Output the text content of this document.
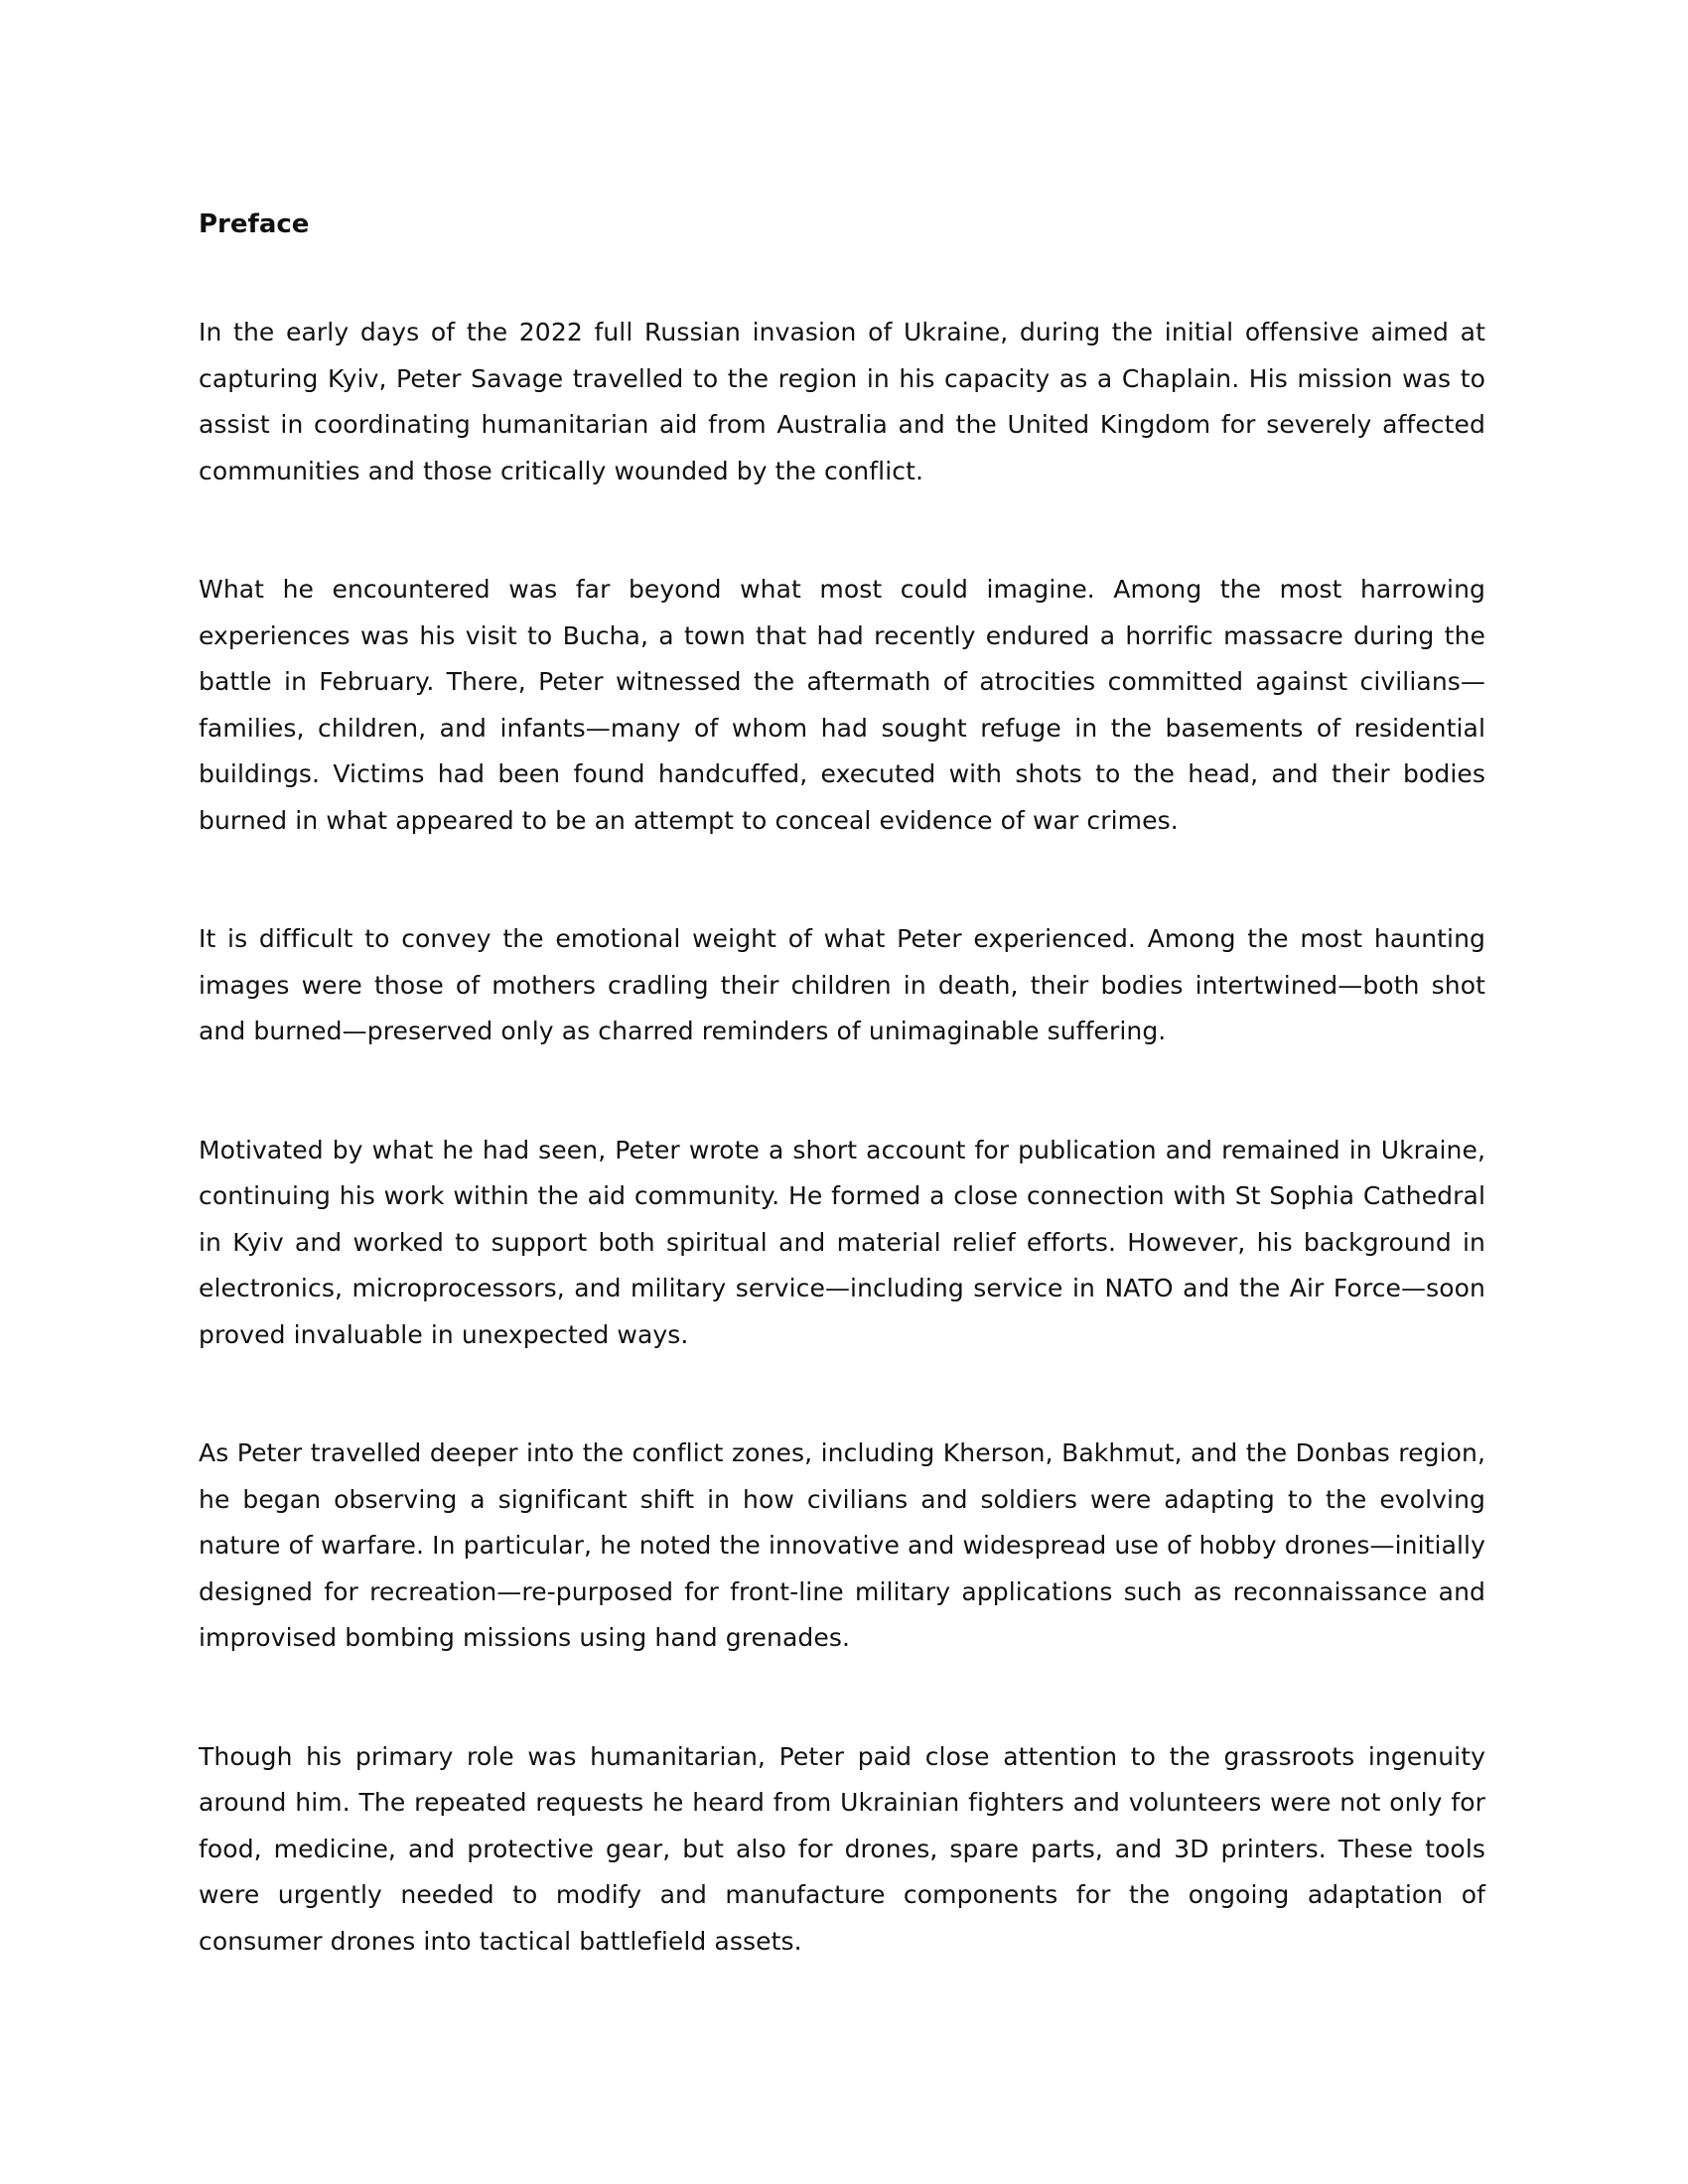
Preface

In the early days of the 2022 full Russian invasion of Ukraine, during the initial offensive aimed at capturing Kyiv, Peter Savage travelled to the region in his capacity as a Chaplain. His mission was to assist in coordinating humanitarian aid from Australia and the United Kingdom for severely affected communities and those critically wounded by the conflict.

What he encountered was far beyond what most could imagine. Among the most harrowing experiences was his visit to Bucha, a town that had recently endured a horrific massacre during the battle in February. There, Peter witnessed the aftermath of atrocities committed against civilians—families, children, and infants—many of whom had sought refuge in the basements of residential buildings. Victims had been found handcuffed, executed with shots to the head, and their bodies burned in what appeared to be an attempt to conceal evidence of war crimes.

It is difficult to convey the emotional weight of what Peter experienced. Among the most haunting images were those of mothers cradling their children in death, their bodies intertwined—both shot and burned—preserved only as charred reminders of unimaginable suffering.

Motivated by what he had seen, Peter wrote a short account for publication and remained in Ukraine, continuing his work within the aid community. He formed a close connection with St Sophia Cathedral in Kyiv and worked to support both spiritual and material relief efforts. However, his background in electronics, microprocessors, and military service—including service in NATO and the Air Force—soon proved invaluable in unexpected ways.

As Peter travelled deeper into the conflict zones, including Kherson, Bakhmut, and the Donbas region, he began observing a significant shift in how civilians and soldiers were adapting to the evolving nature of warfare. In particular, he noted the innovative and widespread use of hobby drones—initially designed for recreation—re-purposed for front-line military applications such as reconnaissance and improvised bombing missions using hand grenades.

Though his primary role was humanitarian, Peter paid close attention to the grassroots ingenuity around him. The repeated requests he heard from Ukrainian fighters and volunteers were not only for food, medicine, and protective gear, but also for drones, spare parts, and 3D printers. These tools were urgently needed to modify and manufacture components for the ongoing adaptation of consumer drones into tactical battlefield assets.
